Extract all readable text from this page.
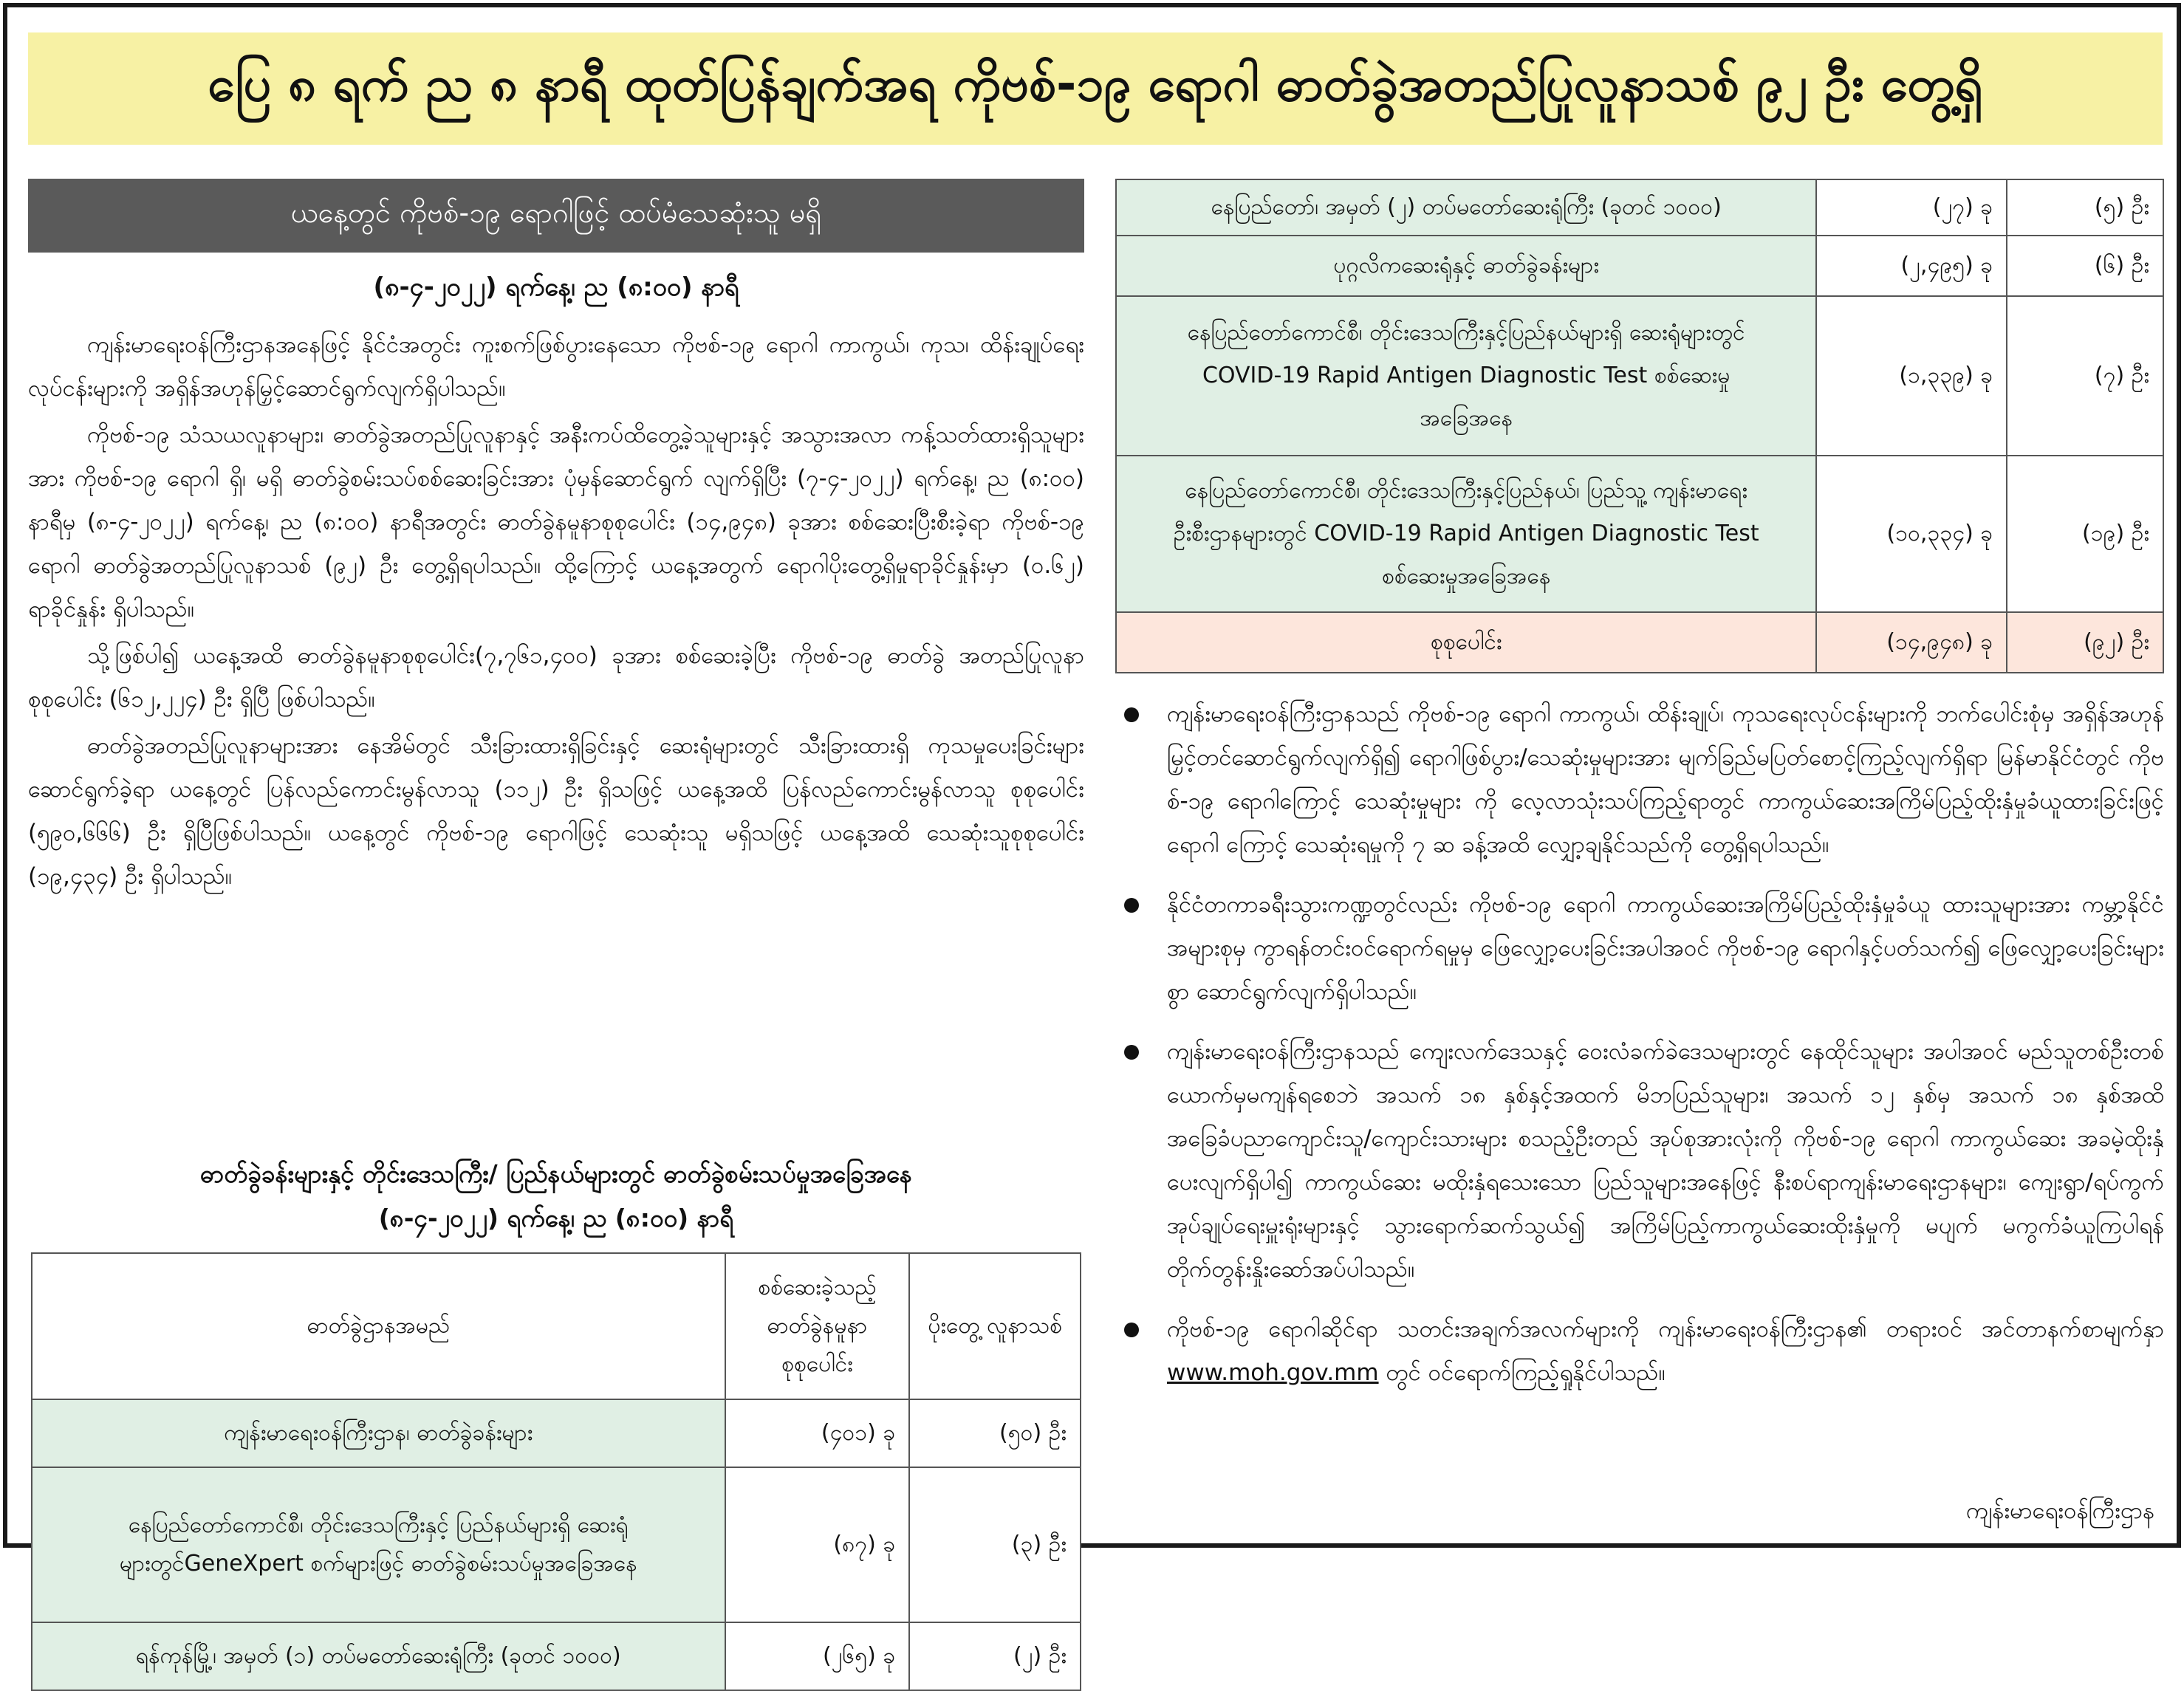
ပြေ ၈ ရက် ည ၈ နာရီ ထုတ်ပြန်ချက်အရ ကိုဗစ်-၁၉ ရောဂါ ဓာတ်ခွဲအတည်ပြုလူနာသစ် ၉၂ ဦး တွေ့ရှိ
ယနေ့တွင် ကိုဗစ်-၁၉ ရောဂါဖြင့် ထပ်မံသေဆုံးသူ မရှိ
(၈-၄-၂၀၂၂) ရက်နေ့၊ ည (၈:၀၀) နာရီ

ကျန်းမာရေးဝန်ကြီးဌာနအနေဖြင့် နိုင်ငံအတွင်း ကူးစက်ဖြစ်ပွားနေသော ကိုဗစ်-၁၉ ရောဂါ ကာကွယ်၊ ကုသ၊ ထိန်းချုပ်ရေးလုပ်ငန်းများကို အရှိန်အဟုန်မြှင့်ဆောင်ရွက်လျက်ရှိပါသည်။

ကိုဗစ်-၁၉ သံသယလူနာများ၊ ဓာတ်ခွဲအတည်ပြုလူနာနှင့် အနီးကပ်ထိတွေ့ခဲ့သူများနှင့် အသွားအလာ ကန့်သတ်ထားရှိသူများအား ကိုဗစ်-၁၉ ရောဂါ ရှိ၊ မရှိ ဓာတ်ခွဲစမ်းသပ်စစ်ဆေးခြင်းအား ပုံမှန်ဆောင်ရွက် လျက်ရှိပြီး (၇-၄-၂၀၂၂) ရက်နေ့၊ ည (၈:၀၀) နာရီမှ (၈-၄-၂၀၂၂) ရက်နေ့၊ ည (၈:၀၀) နာရီအတွင်း ဓာတ်ခွဲနမူနာစုစုပေါင်း (၁၄,၉၄၈) ခုအား စစ်ဆေးပြီးစီးခဲ့ရာ ကိုဗစ်-၁၉ ရောဂါ ဓာတ်ခွဲအတည်ပြုလူနာသစ် (၉၂) ဦး တွေ့ရှိရပါသည်။ ထို့ကြောင့် ယနေ့အတွက် ရောဂါပိုးတွေ့ရှိမှုရာခိုင်နှုန်းမှာ (၀.၆၂) ရာခိုင်နှုန်း ရှိပါသည်။

သို့ဖြစ်ပါ၍ ယနေ့အထိ ဓာတ်ခွဲနမူနာစုစုပေါင်း(၇,၇၆၁,၄၀၀) ခုအား စစ်ဆေးခဲ့ပြီး ကိုဗစ်-၁၉ ဓာတ်ခွဲ အတည်ပြုလူနာ စုစုပေါင်း (၆၁၂,၂၂၄) ဦး ရှိပြီ ဖြစ်ပါသည်။

ဓာတ်ခွဲအတည်ပြုလူနာများအား နေအိမ်တွင် သီးခြားထားရှိခြင်းနှင့် ဆေးရုံများတွင် သီးခြားထားရှိ ကုသမှုပေးခြင်းများ ဆောင်ရွက်ခဲ့ရာ ယနေ့တွင် ပြန်လည်ကောင်းမွန်လာသူ (၁၁၂) ဦး ရှိသဖြင့် ယနေ့အထိ ပြန်လည်ကောင်းမွန်လာသူ စုစုပေါင်း (၅၉၀,၆၆၆) ဦး ရှိပြီဖြစ်ပါသည်။ ယနေ့တွင် ကိုဗစ်-၁၉ ရောဂါဖြင့် သေဆုံးသူ မရှိသဖြင့် ယနေ့အထိ သေဆုံးသူစုစုပေါင်း (၁၉,၄၃၄) ဦး ရှိပါသည်။

ဓာတ်ခွဲခန်းများနှင့် တိုင်းဒေသကြီး/ ပြည်နယ်များတွင် ဓာတ်ခွဲစမ်းသပ်မှုအခြေအနေ
(၈-၄-၂၀၂၂) ရက်နေ့၊ ည (၈:၀၀) နာရီ
ဓာတ်ခွဲဌာနအမည်	စစ်ဆေးခဲ့သည့် ဓာတ်ခွဲနမူနာ စုစုပေါင်း	ပိုးတွေ့ လူနာသစ်
ကျန်းမာရေးဝန်ကြီးဌာန၊ ဓာတ်ခွဲခန်းများ	(၄၀၁) ခု	(၅၀) ဦး
နေပြည်တော်ကောင်စီ၊ တိုင်းဒေသကြီးနှင့် ပြည်နယ်များရှိ ဆေးရုံများတွင်GeneXpert စက်များဖြင့် ဓာတ်ခွဲစမ်းသပ်မှုအခြေအနေ	(၈၇) ခု	(၃) ဦး
ရန်ကုန်မြို့၊ အမှတ် (၁) တပ်မတော်ဆေးရုံကြီး (ခုတင် ၁၀၀၀)	(၂၆၅) ခု	(၂) ဦး
နေပြည်တော်၊ အမှတ် (၂) တပ်မတော်ဆေးရုံကြီး (ခုတင် ၁၀၀၀)	(၂၇) ခု	(၅) ဦး
ပုဂ္ဂလိကဆေးရုံနှင့် ဓာတ်ခွဲခန်းများ	(၂,၄၉၅) ခု	(၆) ဦး
နေပြည်တော်ကောင်စီ၊ တိုင်းဒေသကြီးနှင့်ပြည်နယ်များရှိ ဆေးရုံများတွင် COVID-19 Rapid Antigen Diagnostic Test စစ်ဆေးမှုအခြေအနေ	(၁,၃၃၉) ခု	(၇) ဦး
နေပြည်တော်ကောင်စီ၊ တိုင်းဒေသကြီးနှင့်ပြည်နယ်၊ ပြည်သူ့ ကျန်းမာရေးဦးစီးဌာနများတွင် COVID-19 Rapid Antigen Diagnostic Test စစ်ဆေးမှုအခြေအနေ	(၁၀,၃၃၄) ခု	(၁၉) ဦး
စုစုပေါင်း	(၁၄,၉၄၈) ခု	(၉၂) ဦး
ကျန်းမာရေးဝန်ကြီးဌာနသည် ကိုဗစ်-၁၉ ရောဂါ ကာကွယ်၊ ထိန်းချုပ်၊ ကုသရေးလုပ်ငန်းများကို ဘက်ပေါင်းစုံမှ အရှိန်အဟုန်မြှင့်တင်ဆောင်ရွက်လျက်ရှိ၍ ရောဂါဖြစ်ပွား/သေဆုံးမှုများအား မျက်ခြည်မပြတ်စောင့်ကြည့်လျက်ရှိရာ မြန်မာနိုင်ငံတွင် ကိုဗစ်-၁၉ ရောဂါကြောင့် သေဆုံးမှုများ ကို လေ့လာသုံးသပ်ကြည့်ရာတွင် ကာကွယ်ဆေးအကြိမ်ပြည့်ထိုးနှံမှုခံယူထားခြင်းဖြင့် ရောဂါ ကြောင့် သေဆုံးရမှုကို ၇ ဆ ခန့်အထိ လျှော့ချနိုင်သည်ကို တွေ့ရှိရပါသည်။
နိုင်ငံတကာခရီးသွားကဏ္ဍတွင်လည်း ကိုဗစ်-၁၉ ရောဂါ ကာကွယ်ဆေးအကြိမ်ပြည့်ထိုးနှံမှုခံယူ ထားသူများအား ကမ္ဘာ့နိုင်ငံအများစုမှ ကွာရန်တင်းဝင်ရောက်ရမှုမှ ဖြေလျှော့ပေးခြင်းအပါအဝင် ကိုဗစ်-၁၉ ရောဂါနှင့်ပတ်သက်၍ ဖြေလျှော့ပေးခြင်းများစွာ ဆောင်ရွက်လျက်ရှိပါသည်။
ကျန်းမာရေးဝန်ကြီးဌာနသည် ကျေးလက်ဒေသနှင့် ဝေးလံခက်ခဲဒေသများတွင် နေထိုင်သူများ အပါအဝင် မည်သူတစ်ဦးတစ်ယောက်မှမကျန်ရစေဘဲ အသက် ၁၈ နှစ်နှင့်အထက် မိဘပြည်သူများ၊ အသက် ၁၂ နှစ်မှ အသက် ၁၈ နှစ်အထိ အခြေခံပညာကျောင်းသူ/ကျောင်းသားများ စသည့်ဦးတည် အုပ်စုအားလုံးကို ကိုဗစ်-၁၉ ရောဂါ ကာကွယ်ဆေး အခမဲ့ထိုးနှံပေးလျက်ရှိပါ၍ ကာကွယ်ဆေး မထိုးနှံရသေးသော ပြည်သူများအနေဖြင့် နီးစပ်ရာကျန်းမာရေးဌာနများ၊ ကျေးရွာ/ရပ်ကွက် အုပ်ချုပ်ရေးမှူးရုံးများနှင့် သွားရောက်ဆက်သွယ်၍ အကြိမ်ပြည့်ကာကွယ်ဆေးထိုးနှံမှုကို မပျက် မကွက်ခံယူကြပါရန် တိုက်တွန်းနှိုးဆော်အပ်ပါသည်။
ကိုဗစ်-၁၉ ရောဂါဆိုင်ရာ သတင်းအချက်အလက်များကို ကျန်းမာရေးဝန်ကြီးဌာန၏ တရားဝင် အင်တာနက်စာမျက်နှာ www.moh.gov.mm တွင် ဝင်ရောက်ကြည့်ရှုနိုင်ပါသည်။
ကျန်းမာရေးဝန်ကြီးဌာန
